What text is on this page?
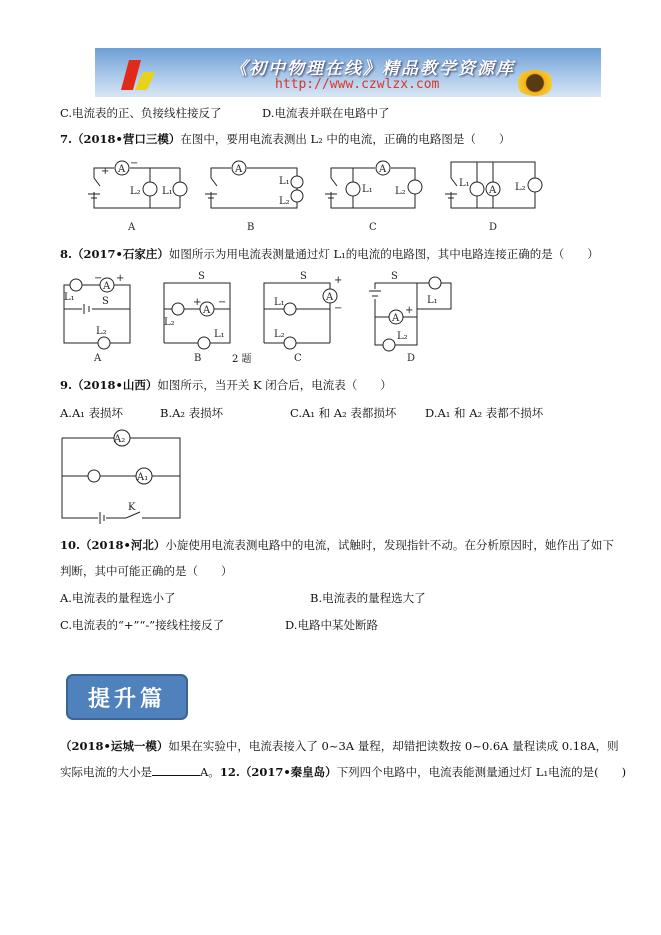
《初中物理在线》精品教学资源库
http://www.czwlzx.com
C.电流表的正、负接线柱接反了	D.电流表并联在电路中了
7.（2018•营口三模）在图中，要用电流表测出 L₂ 中的电流，正确的电路图是（　　）
A
L₂ L₁
+
−
A
A
L₁
L₂
B
A
L₁ L₂
C
A
L₁	L₂
D
8.（2017•石家庄）如图所示为用电流表测量通过灯 L₁的电流的电路图，其中电路连接正确的是（　　）
A
L₁
L₂
S
− +
A
A
L₂
L₁
S
+ −
B	2 题
A
L₁
L₂
S	+
−
C
A
L₁
L₂
S
+
D
9.（2018•山西）如图所示，当开关 K 闭合后，电流表（　　）
A.A₁ 表损坏	B.A₂ 表损坏	C.A₁ 和 A₂ 表都损坏 D.A₁ 和 A₂ 表都不损坏
A₂
A₁
K
10.（2018•河北）小旋使用电流表测电路中的电流，试触时，发现指针不动。在分析原因时，她作出了如下
判断，其中可能正确的是（　　）
A.电流表的量程选小了	B.电流表的量程选大了
C.电流表的“+”“-”接线柱接反了	D.电路中某处断路
提升篇
（2018•运城一模）如果在实验中，电流表接入了 0~3A 量程，却错把读数按 0~0.6A 量程读成 0.18A，则
实际电流的大小是	A。12.（2017•秦皇岛）下列四个电路中，电流表能测量通过灯 L₁电流的是(　　)
